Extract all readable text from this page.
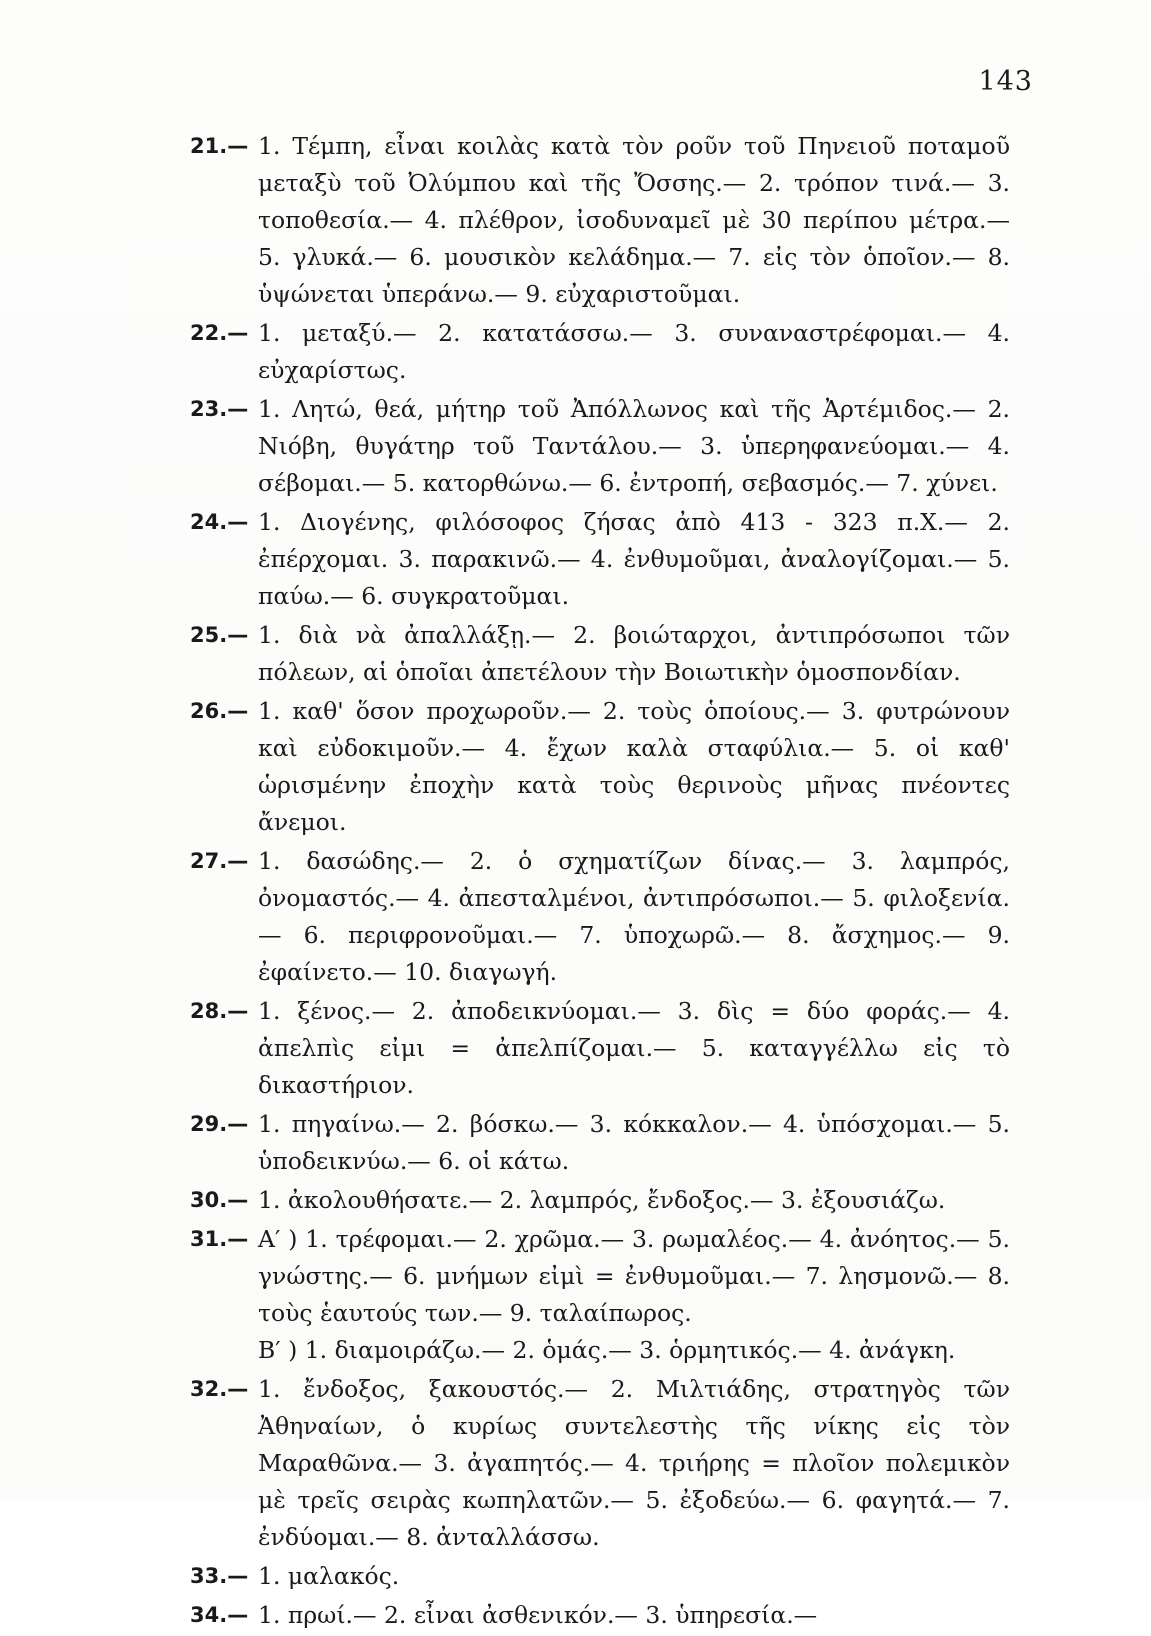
143
21.— 1. Τέμπη, εἶναι κοιλὰς κατὰ τὸν ροῦν τοῦ Πηνειοῦ ποταμοῦ μεταξὺ τοῦ Ὀλύμπου καὶ τῆς Ὄσσης.— 2. τρόπον τινά.— 3. τοποθεσία.— 4. πλέθρον, ἰσοδυναμεῖ μὲ 30 περίπου μέτρα.— 5. γλυκά.— 6. μουσικὸν κελάδημα.— 7. εἰς τὸν ὁποῖον.— 8. ὑψώνεται ὑπεράνω.— 9. εὐχαριστοῦμαι.
22.— 1. μεταξύ.— 2. κατατάσσω.— 3. συναναστρέφομαι.— 4. εὐχαρίστως.
23.— 1. Λητώ, θεά, μήτηρ τοῦ Ἀπόλλωνος καὶ τῆς Ἀρτέμιδος.— 2. Νιόβη, θυγάτηρ τοῦ Ταντάλου.— 3. ὑπερηφανεύομαι.— 4. σέβομαι.— 5. κατορθώνω.— 6. ἐντροπή, σεβασμός.— 7. χύνει.
24.— 1. Διογένης, φιλόσοφος ζήσας ἀπὸ 413 - 323 π.Χ.— 2. ἐπέρχομαι. 3. παρακινῶ.— 4. ἐνθυμοῦμαι, ἀναλογίζομαι.— 5. παύω.— 6. συγκρατοῦμαι.
25.— 1. διὰ νὰ ἀπαλλάξῃ.— 2. βοιώταρχοι, ἀντιπρόσωποι τῶν πόλεων, αἱ ὁποῖαι ἀπετέλουν τὴν Βοιωτικὴν ὁμοσπονδίαν.
26.— 1. καθ' ὅσον προχωροῦν.— 2. τοὺς ὁποίους.— 3. φυτρώνουν καὶ εὐδοκιμοῦν.— 4. ἔχων καλὰ σταφύλια.— 5. οἱ καθ' ὡρισμένην ἐποχὴν κατὰ τοὺς θερινοὺς μῆνας πνέοντες ἄνεμοι.
27.— 1. δασώδης.— 2. ὁ σχηματίζων δίνας.— 3. λαμπρός, ὀνομαστός.— 4. ἀπεσταλμένοι, ἀντιπρόσωποι.— 5. φιλοξενία.— 6. περιφρονοῦμαι.— 7. ὑποχωρῶ.— 8. ἄσχημος.— 9. ἐφαίνετο.— 10. διαγωγή.
28.— 1. ξένος.— 2. ἀποδεικνύομαι.— 3. δὶς = δύο φοράς.— 4. ἀπελπὶς εἰμι = ἀπελπίζομαι.— 5. καταγγέλλω εἰς τὸ δικαστήριον.
29.— 1. πηγαίνω.— 2. βόσκω.— 3. κόκκαλον.— 4. ὑπόσχομαι.— 5. ὑποδεικνύω.— 6. οἱ κάτω.
30.— 1. ἀκολουθήσατε.— 2. λαμπρός, ἔνδοξος.— 3. ἐξουσιάζω.
31.— Α′ ) 1. τρέφομαι.— 2. χρῶμα.— 3. ρωμαλέος.— 4. ἀνόητος.— 5. γνώστης.— 6. μνήμων εἰμὶ = ἐνθυμοῦμαι.— 7. λησμονῶ.— 8. τοὺς ἑαυτούς των.— 9. ταλαίπωρος.
Β′ ) 1. διαμοιράζω.— 2. ὁμάς.— 3. ὁρμητικός.— 4. ἀνάγκη.
32.— 1. ἔνδοξος, ξακουστός.— 2. Μιλτιάδης, στρατηγὸς τῶν Ἀθηναίων, ὁ κυρίως συντελεστὴς τῆς νίκης εἰς τὸν Μαραθῶνα.— 3. ἀγαπητός.— 4. τριήρης = πλοῖον πολεμικὸν μὲ τρεῖς σειρὰς κωπηλατῶν.— 5. ἐξοδεύω.— 6. φαγητά.— 7. ἐνδύομαι.— 8. ἀνταλλάσσω.
33.— 1. μαλακός.
34.— 1. πρωί.— 2. εἶναι ἀσθενικόν.— 3. ὑπηρεσία.—
